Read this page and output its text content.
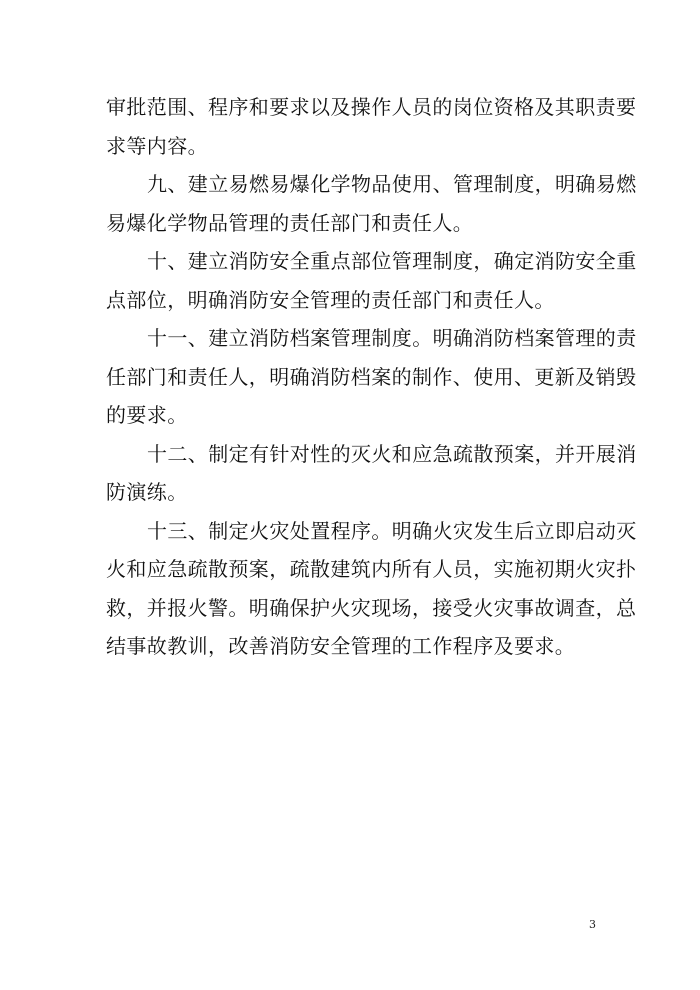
审批范围、程序和要求以及操作人员的岗位资格及其职责要
求等内容。

九、建立易燃易爆化学物品使用、管理制度，明确易燃
易爆化学物品管理的责任部门和责任人。

十、建立消防安全重点部位管理制度，确定消防安全重
点部位，明确消防安全管理的责任部门和责任人。

十一、建立消防档案管理制度。明确消防档案管理的责
任部门和责任人，明确消防档案的制作、使用、更新及销毁
的要求。

十二、制定有针对性的灭火和应急疏散预案，并开展消
防演练。

十三、制定火灾处置程序。明确火灾发生后立即启动灭
火和应急疏散预案，疏散建筑内所有人员，实施初期火灾扑
救，并报火警。明确保护火灾现场，接受火灾事故调查，总
结事故教训，改善消防安全管理的工作程序及要求。

3
